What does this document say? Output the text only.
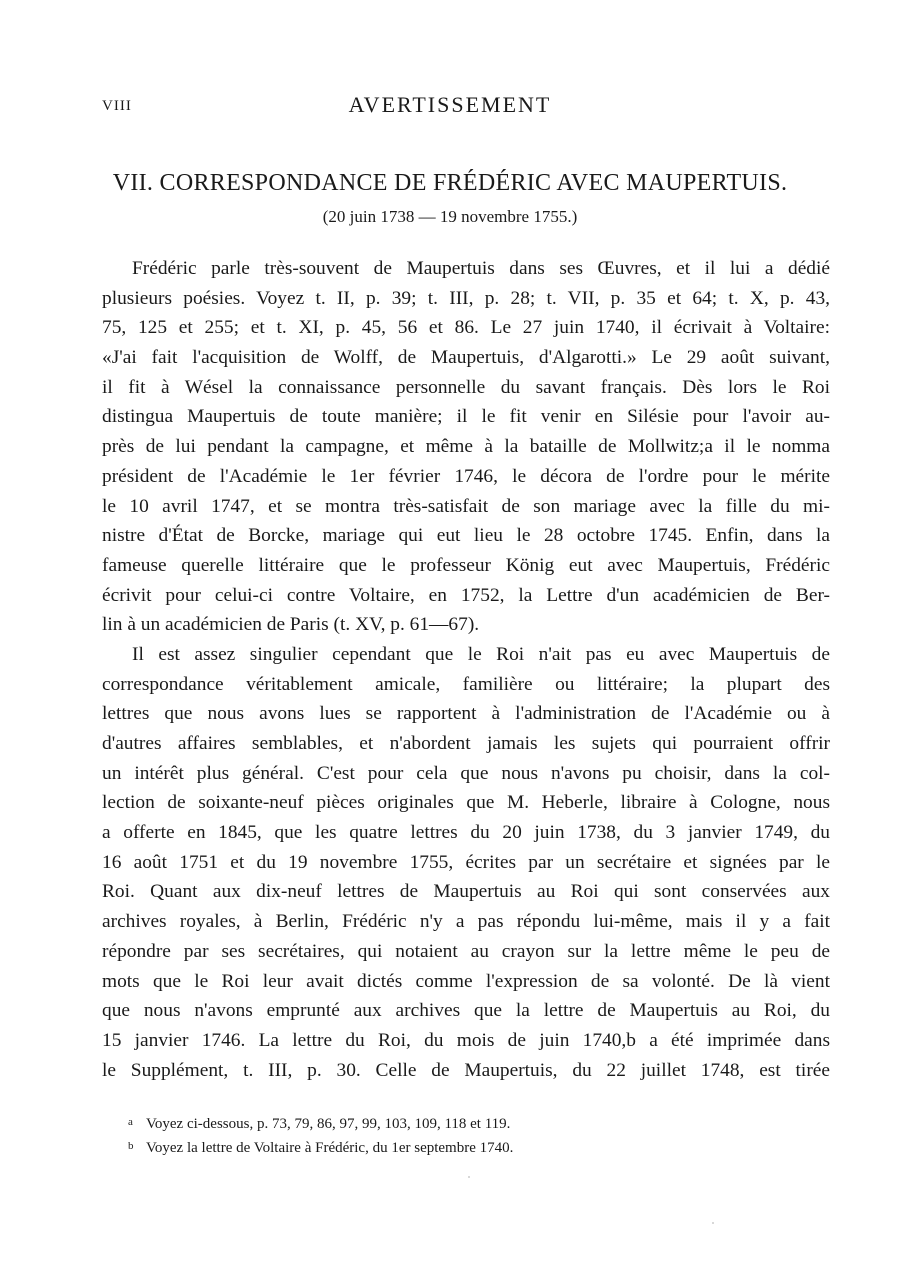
VIII	AVERTISSEMENT
VII. CORRESPONDANCE DE FRÉDÉRIC AVEC MAUPERTUIS.
(20 juin 1738 — 19 novembre 1755.)
Frédéric parle très-souvent de Maupertuis dans ses Œuvres, et il lui a dédié
plusieurs poésies. Voyez t. II, p. 39; t. III, p. 28; t. VII, p. 35 et 64; t. X, p. 43,
75, 125 et 255; et t. XI, p. 45, 56 et 86. Le 27 juin 1740, il écrivait à Voltaire:
«J'ai fait l'acquisition de Wolff, de Maupertuis, d'Algarotti.» Le 29 août suivant,
il fit à Wésel la connaissance personnelle du savant français. Dès lors le Roi
distingua Maupertuis de toute manière; il le fit venir en Silésie pour l'avoir au-
près de lui pendant la campagne, et même à la bataille de Mollwitz;a il le nomma
président de l'Académie le 1er février 1746, le décora de l'ordre pour le mérite
le 10 avril 1747, et se montra très-satisfait de son mariage avec la fille du mi-
nistre d'État de Borcke, mariage qui eut lieu le 28 octobre 1745. Enfin, dans la
fameuse querelle littéraire que le professeur König eut avec Maupertuis, Frédéric
écrivit pour celui-ci contre Voltaire, en 1752, la Lettre d'un académicien de Ber-
lin à un académicien de Paris (t. XV, p. 61—67).
Il est assez singulier cependant que le Roi n'ait pas eu avec Maupertuis de
correspondance véritablement amicale, familière ou littéraire; la plupart des
lettres que nous avons lues se rapportent à l'administration de l'Académie ou à
d'autres affaires semblables, et n'abordent jamais les sujets qui pourraient offrir
un intérêt plus général. C'est pour cela que nous n'avons pu choisir, dans la col-
lection de soixante-neuf pièces originales que M. Heberle, libraire à Cologne, nous
a offerte en 1845, que les quatre lettres du 20 juin 1738, du 3 janvier 1749, du
16 août 1751 et du 19 novembre 1755, écrites par un secrétaire et signées par le
Roi. Quant aux dix-neuf lettres de Maupertuis au Roi qui sont conservées aux
archives royales, à Berlin, Frédéric n'y a pas répondu lui-même, mais il y a fait
répondre par ses secrétaires, qui notaient au crayon sur la lettre même le peu de
mots que le Roi leur avait dictés comme l'expression de sa volonté. De là vient
que nous n'avons emprunté aux archives que la lettre de Maupertuis au Roi, du
15 janvier 1746. La lettre du Roi, du mois de juin 1740,b a été imprimée dans
le Supplément, t. III, p. 30. Celle de Maupertuis, du 22 juillet 1748, est tirée
a Voyez ci-dessous, p. 73, 79, 86, 97, 99, 103, 109, 118 et 119.
b Voyez la lettre de Voltaire à Frédéric, du 1er septembre 1740.
